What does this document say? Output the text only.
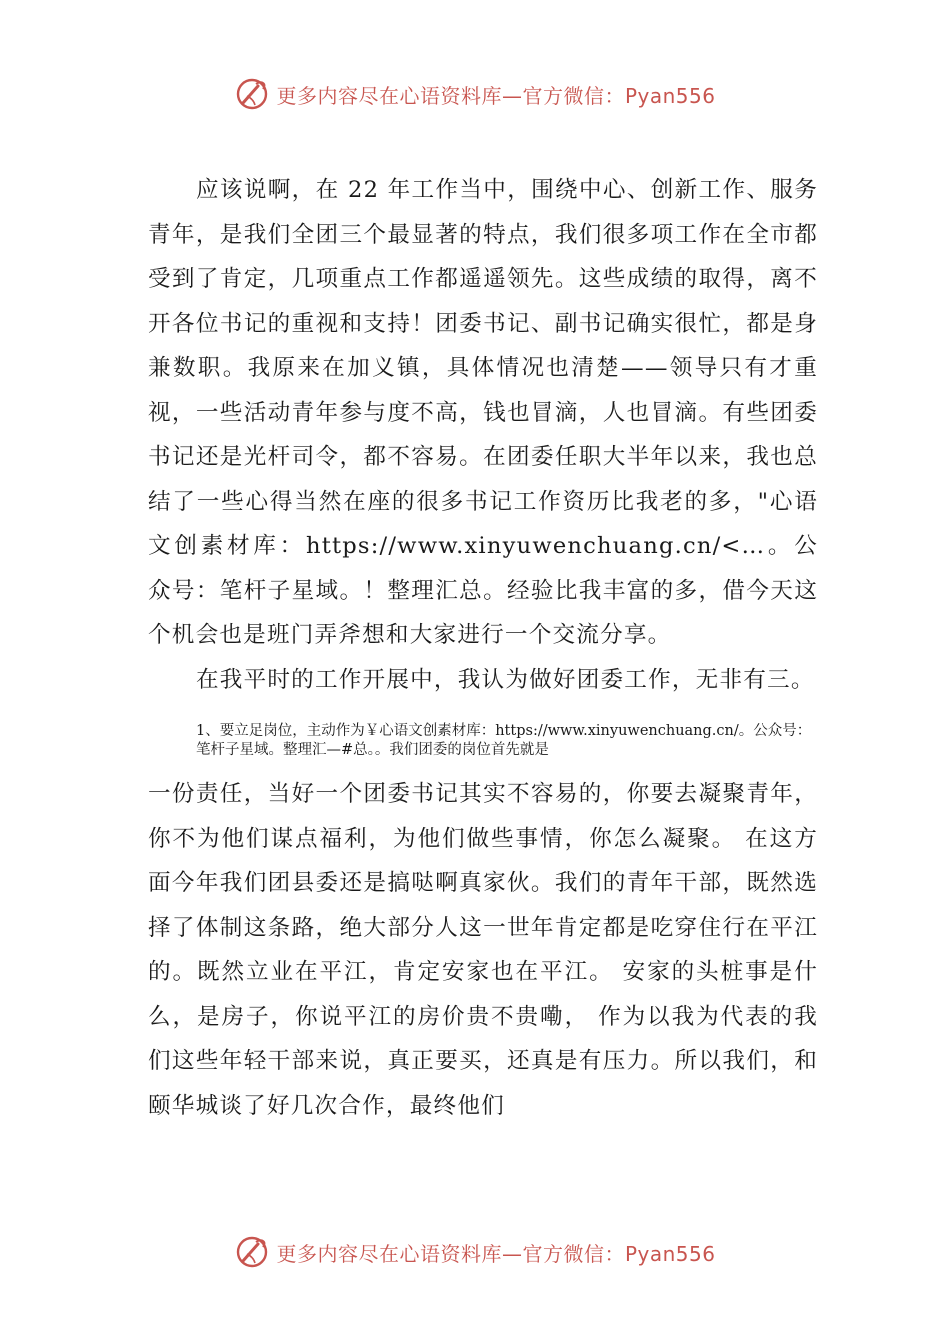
更多内容尽在心语资料库—官方微信：Pyan556

应该说啊，在 22 年工作当中，围绕中心、创新工作、服务青年，是我们全团三个最显著的特点，我们很多项工作在全市都受到了肯定，几项重点工作都遥遥领先。这些成绩的取得，离不开各位书记的重视和支持！团委书记、副书记确实很忙，都是身兼数职。我原来在加义镇，具体情况也清楚——领导只有才重视，一些活动青年参与度不高，钱也冒滴，人也冒滴。有些团委书记还是光杆司令，都不容易。在团委任职大半年以来，我也总结了一些心得当然在座的很多书记工作资历比我老的多，"心语文创素材库：https://www.xinyuwenchuang.cn/<…。公众号：笔杆子星域。！整理汇总。经验比我丰富的多，借今天这个机会也是班门弄斧想和大家进行一个交流分享。

在我平时的工作开展中，我认为做好团委工作，无非有三。

1、要立足岗位，主动作为￥心语文创素材库：https://www.xinyuwenchuang.cn/。公众号：笔杆子星域。整理汇—#总。。我们团委的岗位首先就是

一份责任，当好一个团委书记其实不容易的，你要去凝聚青年，你不为他们谋点福利，为他们做些事情，你怎么凝聚。 在这方面今年我们团县委还是搞哒啊真家伙。我们的青年干部，既然选择了体制这条路，绝大部分人这一世年肯定都是吃穿住行在平江的。既然立业在平江，肯定安家也在平江。 安家的头桩事是什么，是房子，你说平江的房价贵不贵嘞， 作为以我为代表的我们这些年轻干部来说，真正要买，还真是有压力。所以我们，和颐华城谈了好几次合作，最终他们

更多内容尽在心语资料库—官方微信：Pyan556
